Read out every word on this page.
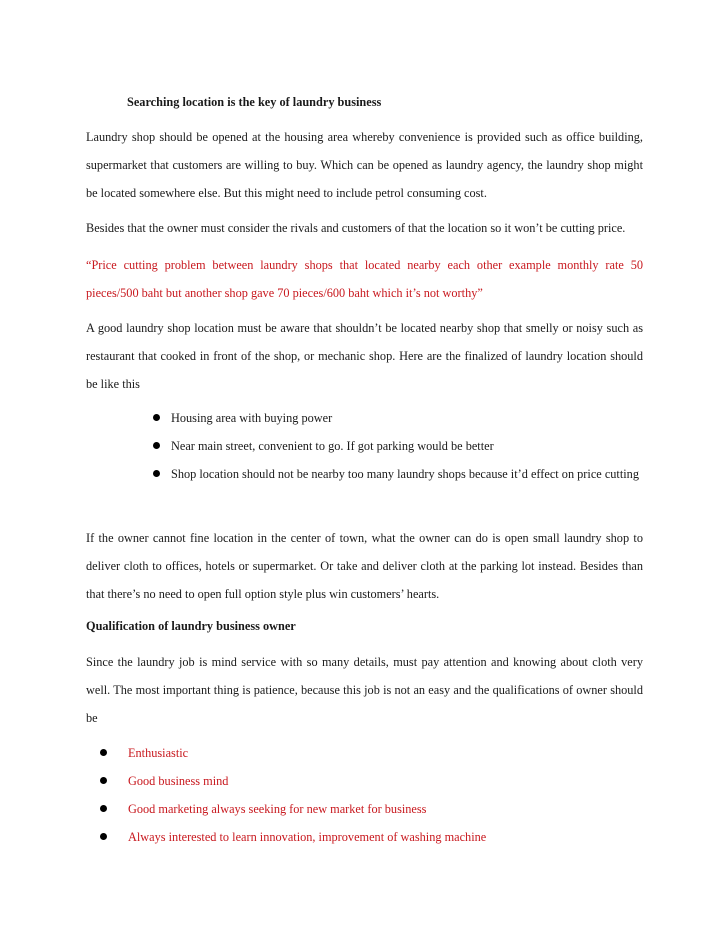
Searching location is the key of laundry business

Laundry shop should be opened at the housing area whereby convenience is provided such as office building, supermarket that customers are willing to buy. Which can be opened as laundry agency, the laundry shop might be located somewhere else. But this might need to include petrol consuming cost.

Besides that the owner must consider the rivals and customers of that the location so it won’t be cutting price.

“Price cutting problem between laundry shops that located nearby each other example monthly rate 50 pieces/500 baht but another shop gave 70 pieces/600 baht which it’s not worthy”

A good laundry shop location must be aware that shouldn’t be located nearby shop that smelly or noisy such as restaurant that cooked in front of the shop, or mechanic shop. Here are the finalized of laundry location should be like this

Housing area with buying power
Near main street, convenient to go. If got parking would be better
Shop location should not be nearby too many laundry shops because it’d effect on price cutting

If the owner cannot fine location in the center of town, what the owner can do is open small laundry shop to deliver cloth to offices, hotels or supermarket. Or take and deliver cloth at the parking lot instead. Besides than that there’s no need to open full option style plus win customers’ hearts.

Qualification of laundry business owner

Since the laundry job is mind service with so many details, must pay attention and knowing about cloth very well. The most important thing is patience, because this job is not an easy and the qualifications of owner should be

Enthusiastic
Good business mind
Good marketing always seeking for new market for business
Always interested to learn innovation, improvement of washing machine
